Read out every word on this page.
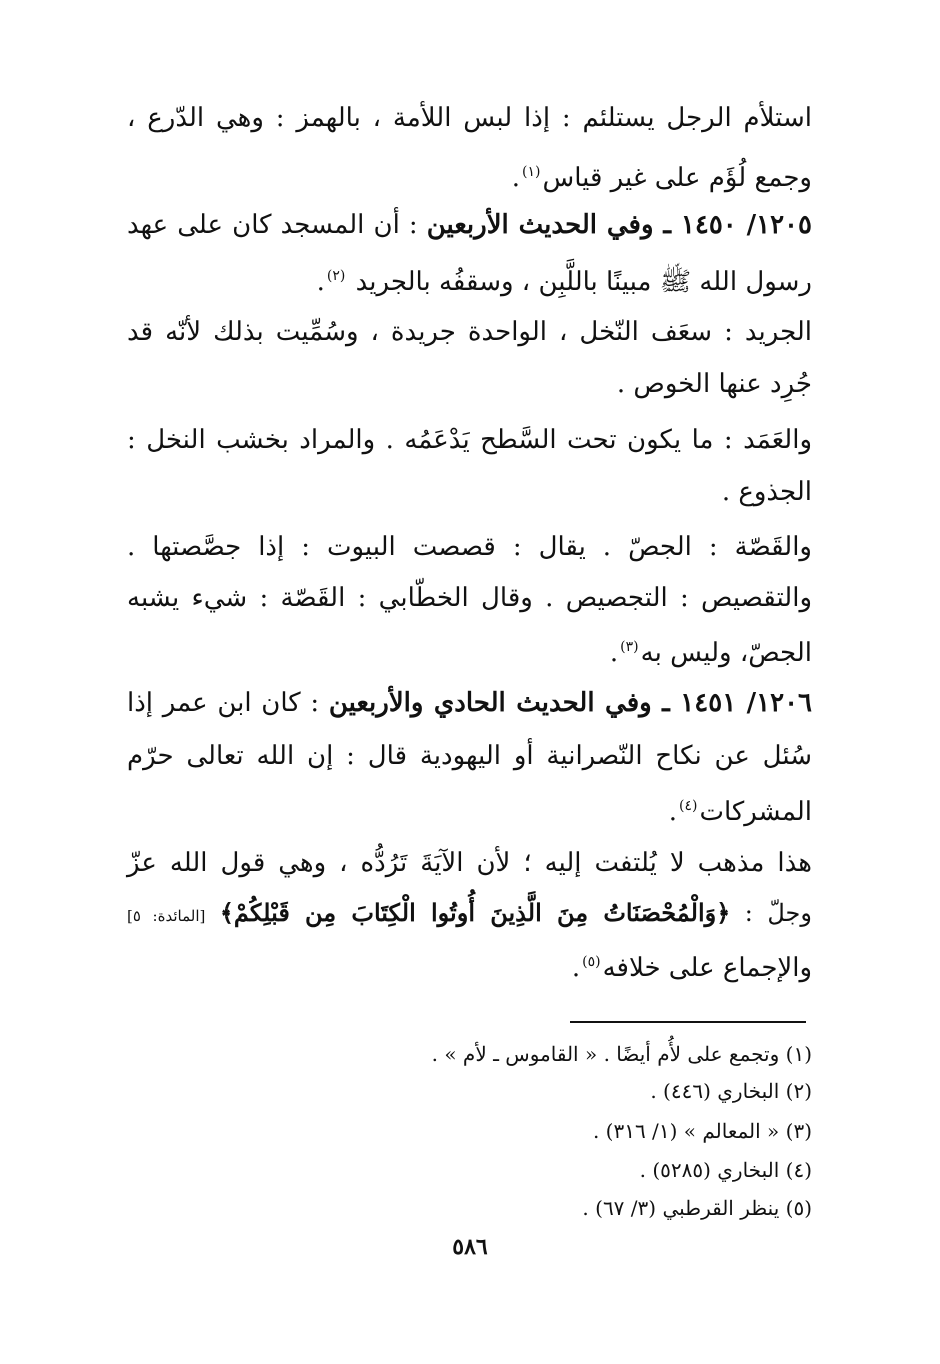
استلأم الرجل يستلئم : إذا لبس اللأمة ، بالهمز : وهي الدّرع ،
وجمع لُؤَم على غير قياس$^{(١)}$.
١٢٠٥/ ١٤٥٠ ـ وفي الحديث الأربعين : أن المسجد كان على عهد
رسول الله ﷺ مبينًا باللَّبِن ، وسقفُه بالجريد $^{(٢)}$.
الجريد : سعَف النّخل ، الواحدة جريدة ، وسُمِّيت بذلك لأنّه قد
جُرِد عنها الخوص .
والعَمَد : ما يكون تحت السَّطح يَدْعَمُه . والمراد بخشب النخل :
الجذوع .
والقَصّة : الجصّ . يقال : قصصت البيوت : إذا جصَّصتها .
والتقصيص : التجصيص . وقال الخطّابي : القَصّة : شيء يشبه
الجصّ، وليس به$^{(٣)}$.
١٢٠٦/ ١٤٥١ ـ وفي الحديث الحادي والأربعين : كان ابن عمر إذا
سُئل عن نكاح النّصرانية أو اليهودية قال : إن الله تعالى حرّم
المشركات$^{(٤)}$.
هذا مذهب لا يُلتفت إليه ؛ لأن الآيَةَ تَرُدُّه ، وهي قول الله عزّ
وجلّ : ﴿وَالْمُحْصَنَاتُ مِنَ الَّذِينَ أُوتُوا الْكِتَابَ مِن قَبْلِكُمْ﴾ [المائدة: ٥]
والإجماع على خلافه$^{(٥)}$.
(١) وتجمع على لأُم أيضًا . « القاموس ـ لأم » .
(٢) البخاري (٤٤٦) .
(٣) « المعالم » (١/ ٣١٦) .
(٤) البخاري (٥٢٨٥) .
(٥) ينظر القرطبي (٣/ ٦٧) .
٥٨٦
